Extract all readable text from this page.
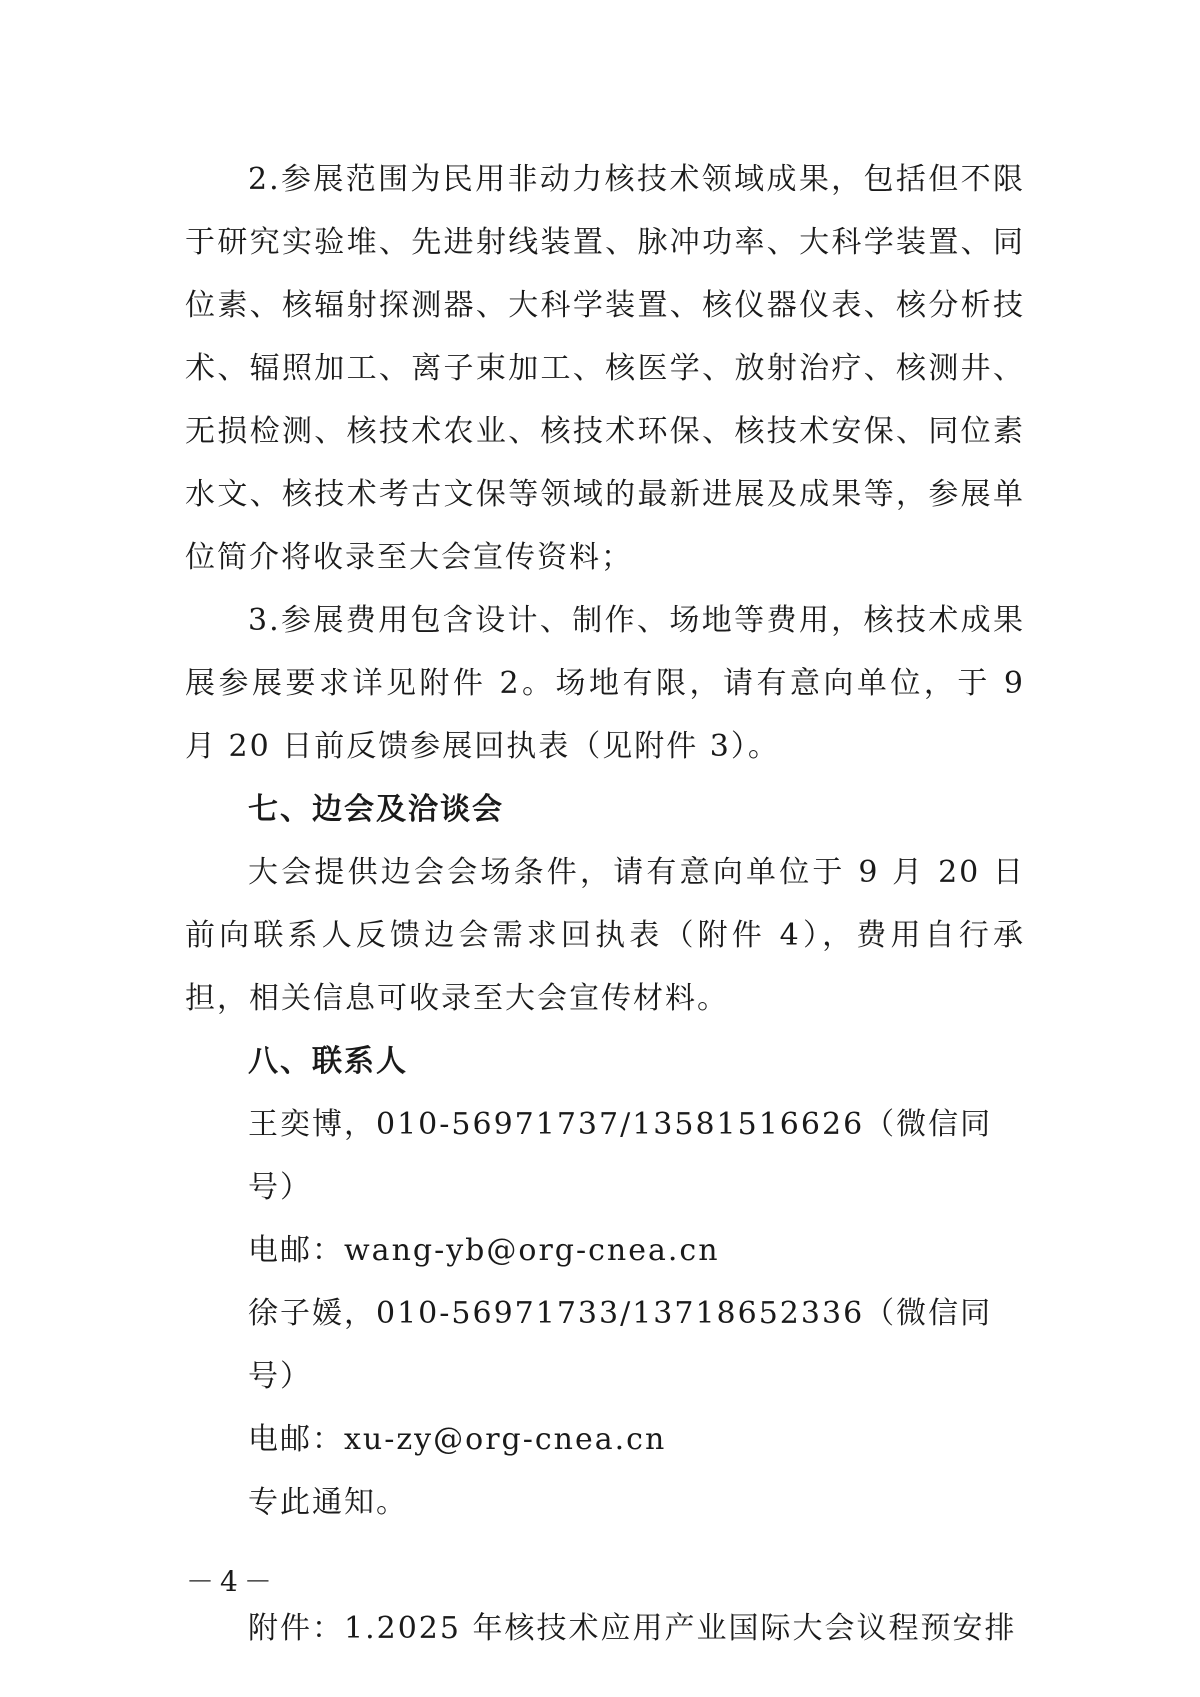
2.参展范围为民用非动力核技术领域成果，包括但不限于研究实验堆、先进射线装置、脉冲功率、大科学装置、同位素、核辐射探测器、大科学装置、核仪器仪表、核分析技术、辐照加工、离子束加工、核医学、放射治疗、核测井、无损检测、核技术农业、核技术环保、核技术安保、同位素水文、核技术考古文保等领域的最新进展及成果等，参展单位简介将收录至大会宣传资料；

3.参展费用包含设计、制作、场地等费用，核技术成果展参展要求详见附件 2。场地有限，请有意向单位，于 9 月 20 日前反馈参展回执表（见附件 3）。

七、边会及洽谈会

大会提供边会会场条件，请有意向单位于 9 月 20 日前向联系人反馈边会需求回执表（附件 4），费用自行承担，相关信息可收录至大会宣传材料。

八、联系人

王奕博，010-56971737/13581516626（微信同号）

电邮：wang-yb@org-cnea.cn

徐子媛，010-56971733/13718652336（微信同号）

电邮：xu-zy@org-cnea.cn

专此通知。

附件：1.2025 年核技术应用产业国际大会议程预安排

－4－
